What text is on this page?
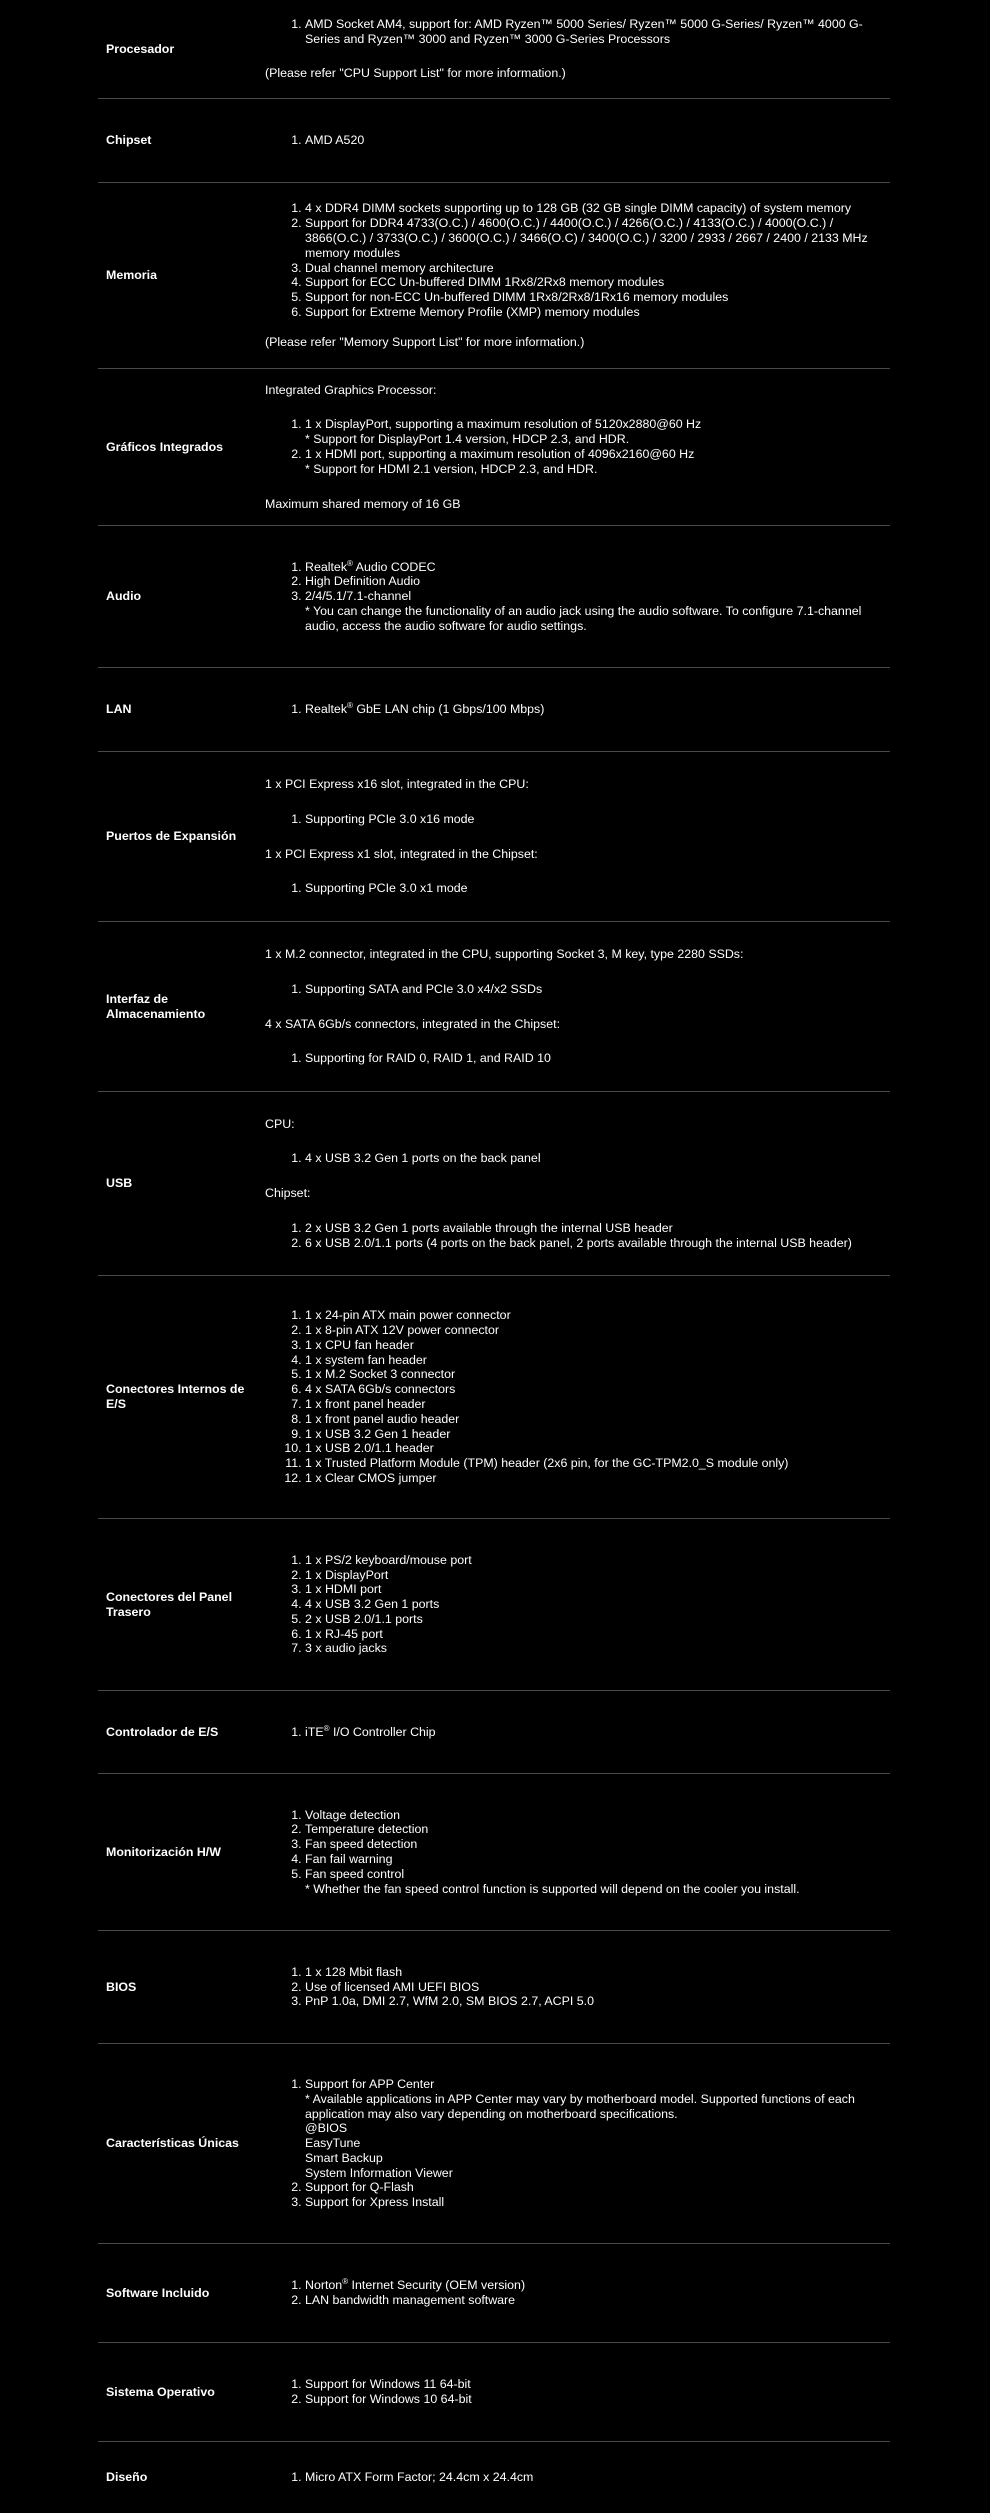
Procesador
1. AMD Socket AM4, support for: AMD Ryzen™ 5000 Series/ Ryzen™ 5000 G-Series/ Ryzen™ 4000 G-Series and Ryzen™ 3000 and Ryzen™ 3000 G-Series Processors

(Please refer "CPU Support List" for more information.)

Chipset	1. AMD A520
Memoria
1. 4 x DDR4 DIMM sockets supporting up to 128 GB (32 GB single DIMM capacity) of system memory
2. Support for DDR4 4733(O.C.) / 4600(O.C.) / 4400(O.C.) / 4266(O.C.) / 4133(O.C.) / 4000(O.C.) / 3866(O.C.) / 3733(O.C.) / 3600(O.C.) / 3466(O.C) / 3400(O.C.) / 3200 / 2933 / 2667 / 2400 / 2133 MHz memory modules
3. Dual channel memory architecture
4. Support for ECC Un-buffered DIMM 1Rx8/2Rx8 memory modules
5. Support for non-ECC Un-buffered DIMM 1Rx8/2Rx8/1Rx16 memory modules
6. Support for Extreme Memory Profile (XMP) memory modules

(Please refer "Memory Support List" for more information.)

Gráficos Integrados

Integrated Graphics Processor:

1. 1 x DisplayPort, supporting a maximum resolution of 5120x2880@60 Hz
* Support for DisplayPort 1.4 version, HDCP 2.3, and HDR.
2. 1 x HDMI port, supporting a maximum resolution of 4096x2160@60 Hz
* Support for HDMI 2.1 version, HDCP 2.3, and HDR.

Maximum shared memory of 16 GB

Audio
1. Realtek® Audio CODEC
2. High Definition Audio
3. 2/4/5.1/7.1-channel
* You can change the functionality of an audio jack using the audio software. To configure 7.1-channel audio, access the audio software for audio settings.
LAN	1. Realtek® GbE LAN chip (1 Gbps/100 Mbps)
Puertos de Expansión

1 x PCI Express x16 slot, integrated in the CPU:

1. Supporting PCIe 3.0 x16 mode

1 x PCI Express x1 slot, integrated in the Chipset:

1. Supporting PCIe 3.0 x1 mode
Interfaz de Almacenamiento

1 x M.2 connector, integrated in the CPU, supporting Socket 3, M key, type 2280 SSDs:

1. Supporting SATA and PCIe 3.0 x4/x2 SSDs

4 x SATA 6Gb/s connectors, integrated in the Chipset:

1. Supporting for RAID 0, RAID 1, and RAID 10
USB

CPU:

1. 4 x USB 3.2 Gen 1 ports on the back panel

Chipset:

1. 2 x USB 3.2 Gen 1 ports available through the internal USB header
2. 6 x USB 2.0/1.1 ports (4 ports on the back panel, 2 ports available through the internal USB header)
Conectores Internos de E/S
1. 1 x 24-pin ATX main power connector
2. 1 x 8-pin ATX 12V power connector
3. 1 x CPU fan header
4. 1 x system fan header
5. 1 x M.2 Socket 3 connector
6. 4 x SATA 6Gb/s connectors
7. 1 x front panel header
8. 1 x front panel audio header
9. 1 x USB 3.2 Gen 1 header
10. 1 x USB 2.0/1.1 header
11. 1 x Trusted Platform Module (TPM) header (2x6 pin, for the GC-TPM2.0_S module only)
12. 1 x Clear CMOS jumper
Conectores del Panel Trasero
1. 1 x PS/2 keyboard/mouse port
2. 1 x DisplayPort
3. 1 x HDMI port
4. 4 x USB 3.2 Gen 1 ports
5. 2 x USB 2.0/1.1 ports
6. 1 x RJ-45 port
7. 3 x audio jacks
Controlador de E/S	1. iTE® I/O Controller Chip
Monitorización H/W
1. Voltage detection
2. Temperature detection
3. Fan speed detection
4. Fan fail warning
5. Fan speed control
* Whether the fan speed control function is supported will depend on the cooler you install.
BIOS
1. 1 x 128 Mbit flash
2. Use of licensed AMI UEFI BIOS
3. PnP 1.0a, DMI 2.7, WfM 2.0, SM BIOS 2.7, ACPI 5.0
Características Únicas
1. Support for APP Center
* Available applications in APP Center may vary by motherboard model. Supported functions of each application may also vary depending on motherboard specifications.
@BIOS
EasyTune
Smart Backup
System Information Viewer
2. Support for Q-Flash
3. Support for Xpress Install
Software Incluido
1. Norton® Internet Security (OEM version)
2. LAN bandwidth management software
Sistema Operativo
1. Support for Windows 11 64-bit
2. Support for Windows 10 64-bit
Diseño	1. Micro ATX Form Factor; 24.4cm x 24.4cm
